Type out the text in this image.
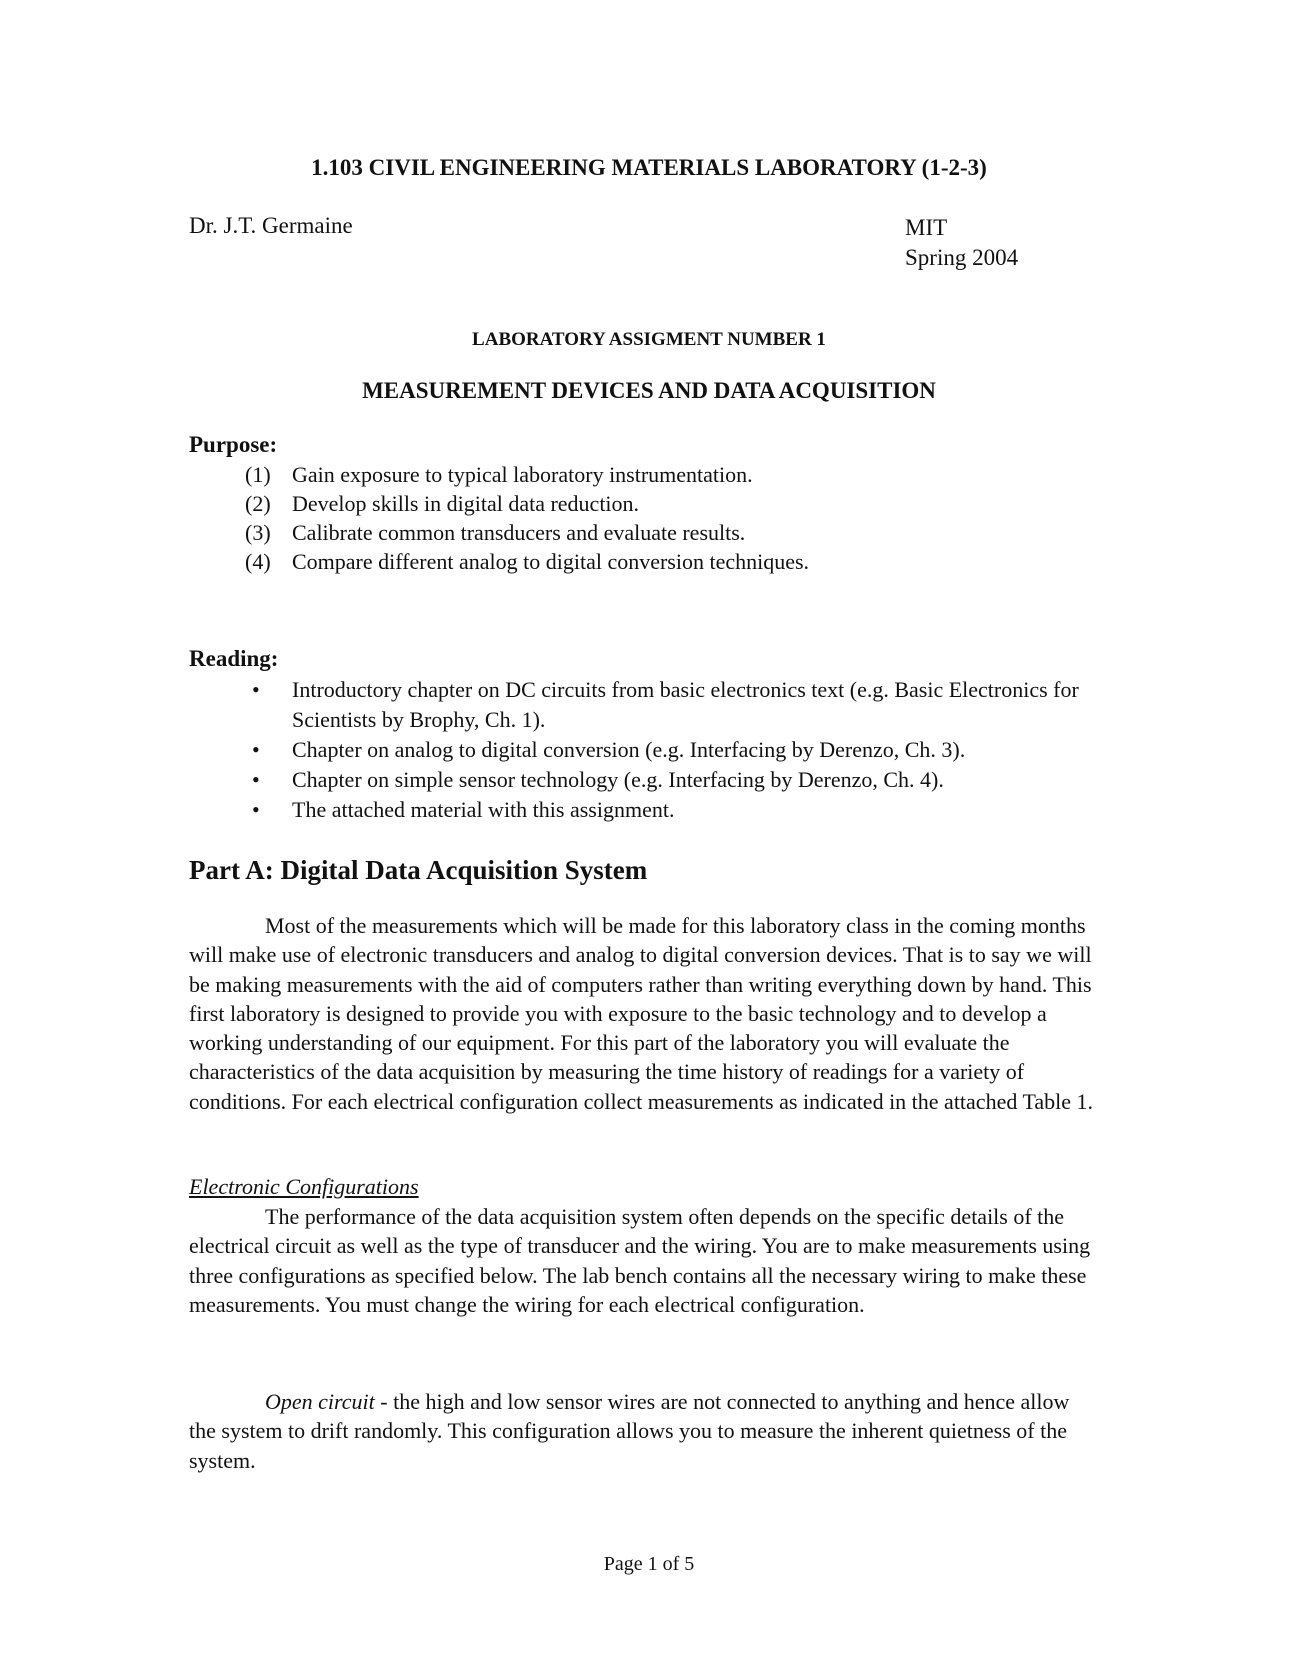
1.103 CIVIL ENGINEERING MATERIALS LABORATORY (1-2-3)
Dr. J.T. Germaine	MIT
Spring 2004
LABORATORY ASSIGMENT NUMBER 1
MEASUREMENT DEVICES AND DATA ACQUISITION
Purpose:
(1) Gain exposure to typical laboratory instrumentation.
(2) Develop skills in digital data reduction.
(3) Calibrate common transducers and evaluate results.
(4) Compare different analog to digital conversion techniques.
Reading:
• Introductory chapter on DC circuits from basic electronics text (e.g. Basic Electronics for Scientists by Brophy, Ch. 1).
• Chapter on analog to digital conversion (e.g. Interfacing by Derenzo, Ch. 3).
• Chapter on simple sensor technology (e.g. Interfacing by Derenzo, Ch. 4).
• The attached material with this assignment.
Part A: Digital Data Acquisition System

Most of the measurements which will be made for this laboratory class in the coming months will make use of electronic transducers and analog to digital conversion devices. That is to say we will be making measurements with the aid of computers rather than writing everything down by hand. This first laboratory is designed to provide you with exposure to the basic technology and to develop a working understanding of our equipment. For this part of the laboratory you will evaluate the characteristics of the data acquisition by measuring the time history of readings for a variety of conditions. For each electrical configuration collect measurements as indicated in the attached Table 1.

Electronic Configurations

The performance of the data acquisition system often depends on the specific details of the electrical circuit as well as the type of transducer and the wiring. You are to make measurements using three configurations as specified below. The lab bench contains all the necessary wiring to make these measurements. You must change the wiring for each electrical configuration.

Open circuit - the high and low sensor wires are not connected to anything and hence allow the system to drift randomly. This configuration allows you to measure the inherent quietness of the system.

Page 1 of 5
